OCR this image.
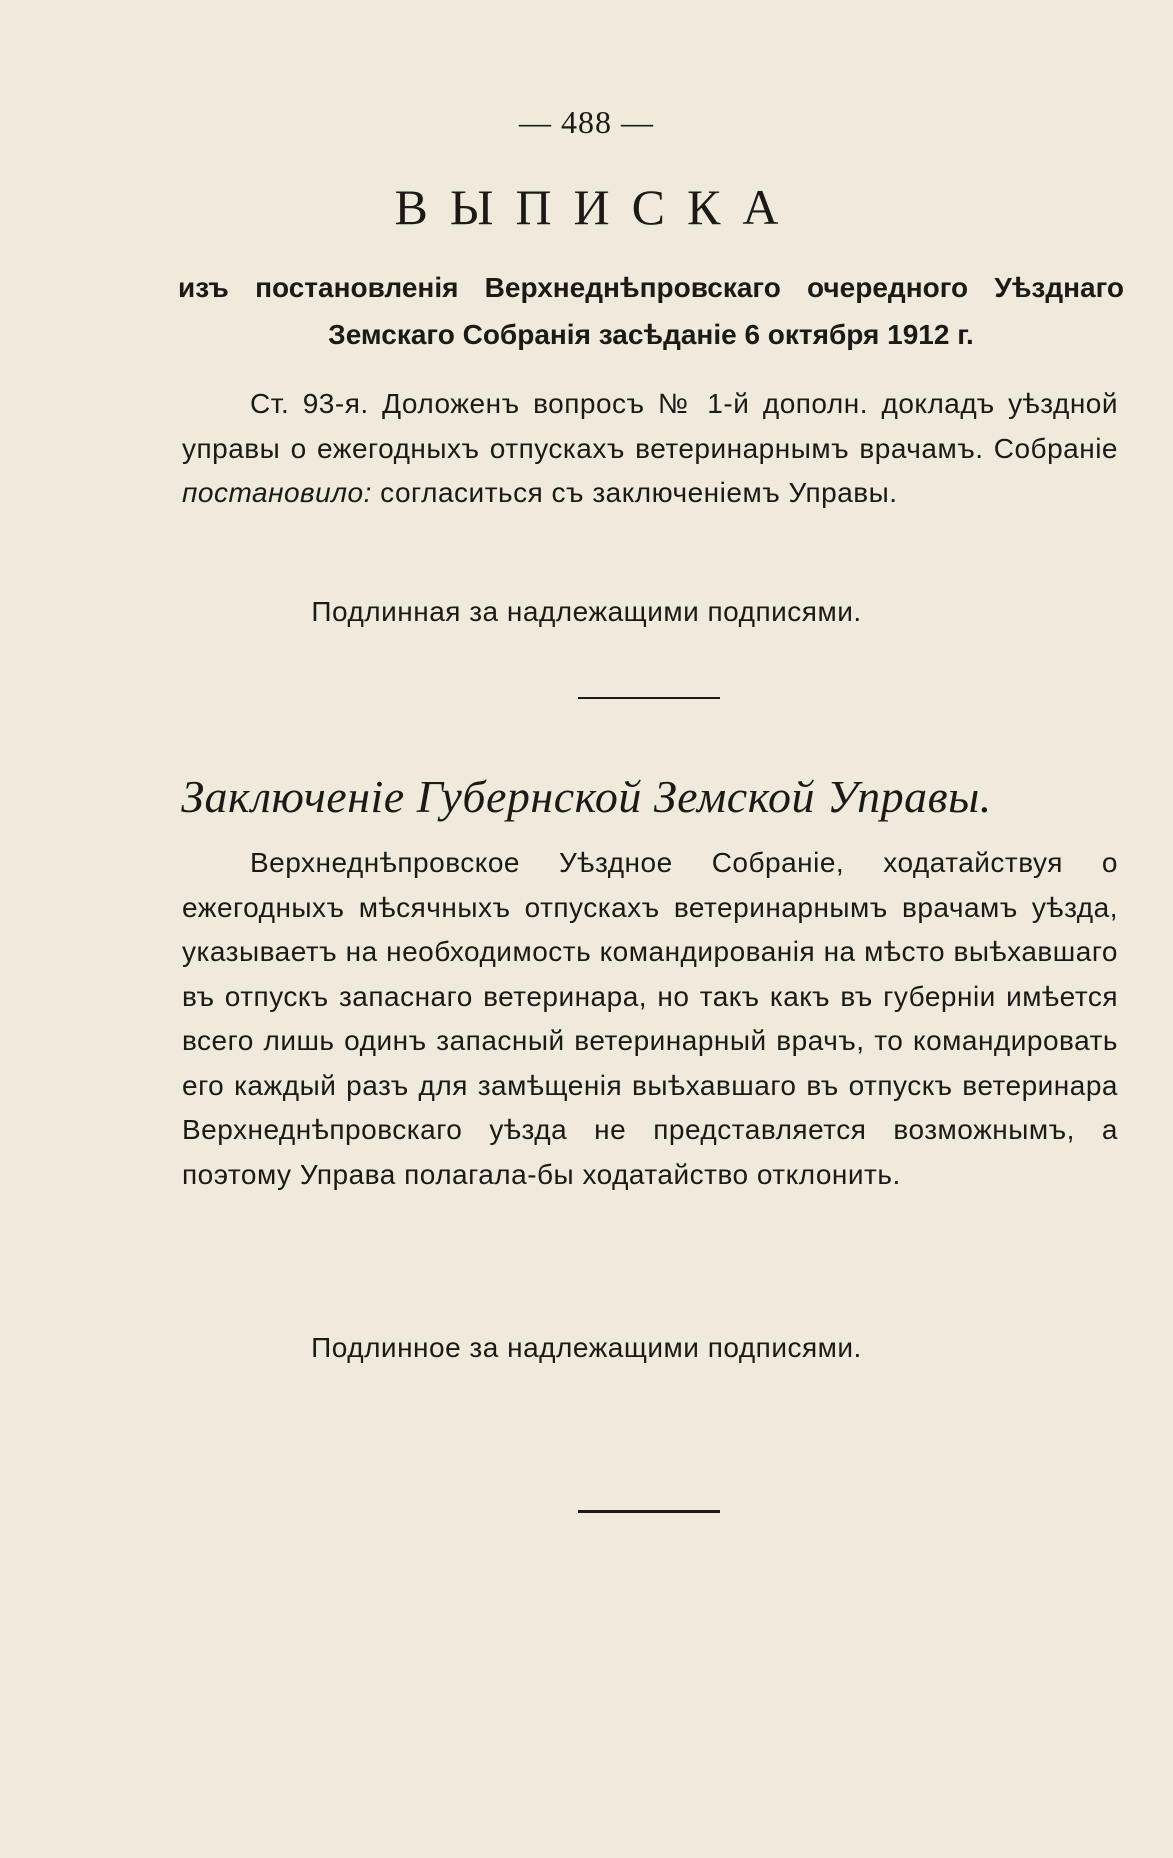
— 488 —
ВЫПИСКА
изъ постановленія Верхнеднѣпровскаго очередного Уѣзднаго Земскаго Собранія засѣданіе 6 октября 1912 г.
Ст. 93-я. Доложенъ вопросъ № 1-й дополн. докладъ уѣздной управы о ежегодныхъ отпускахъ ветеринарнымъ врачамъ. Собраніе постановило: согласиться съ заключеніемъ Управы.
Подлинная за надлежащими подписями.
Заключеніе Губернской Земской Управы.
Верхнеднѣпровское Уѣздное Собраніе, ходатайствуя о ежегодныхъ мѣсячныхъ отпускахъ ветеринарнымъ врачамъ уѣзда, указываетъ на необходимость командированія на мѣсто выѣхавшаго въ отпускъ запаснаго ветеринара, но такъ какъ въ губерніи имѣется всего лишь одинъ запасный ветеринарный врачъ, то командировать его каждый разъ для замѣщенія выѣхавшаго въ отпускъ ветеринара Верхнеднѣпровскаго уѣзда не представляется возможнымъ, а поэтому Управа полагала-бы ходатайство отклонить.
Подлинное за надлежащими подписями.
